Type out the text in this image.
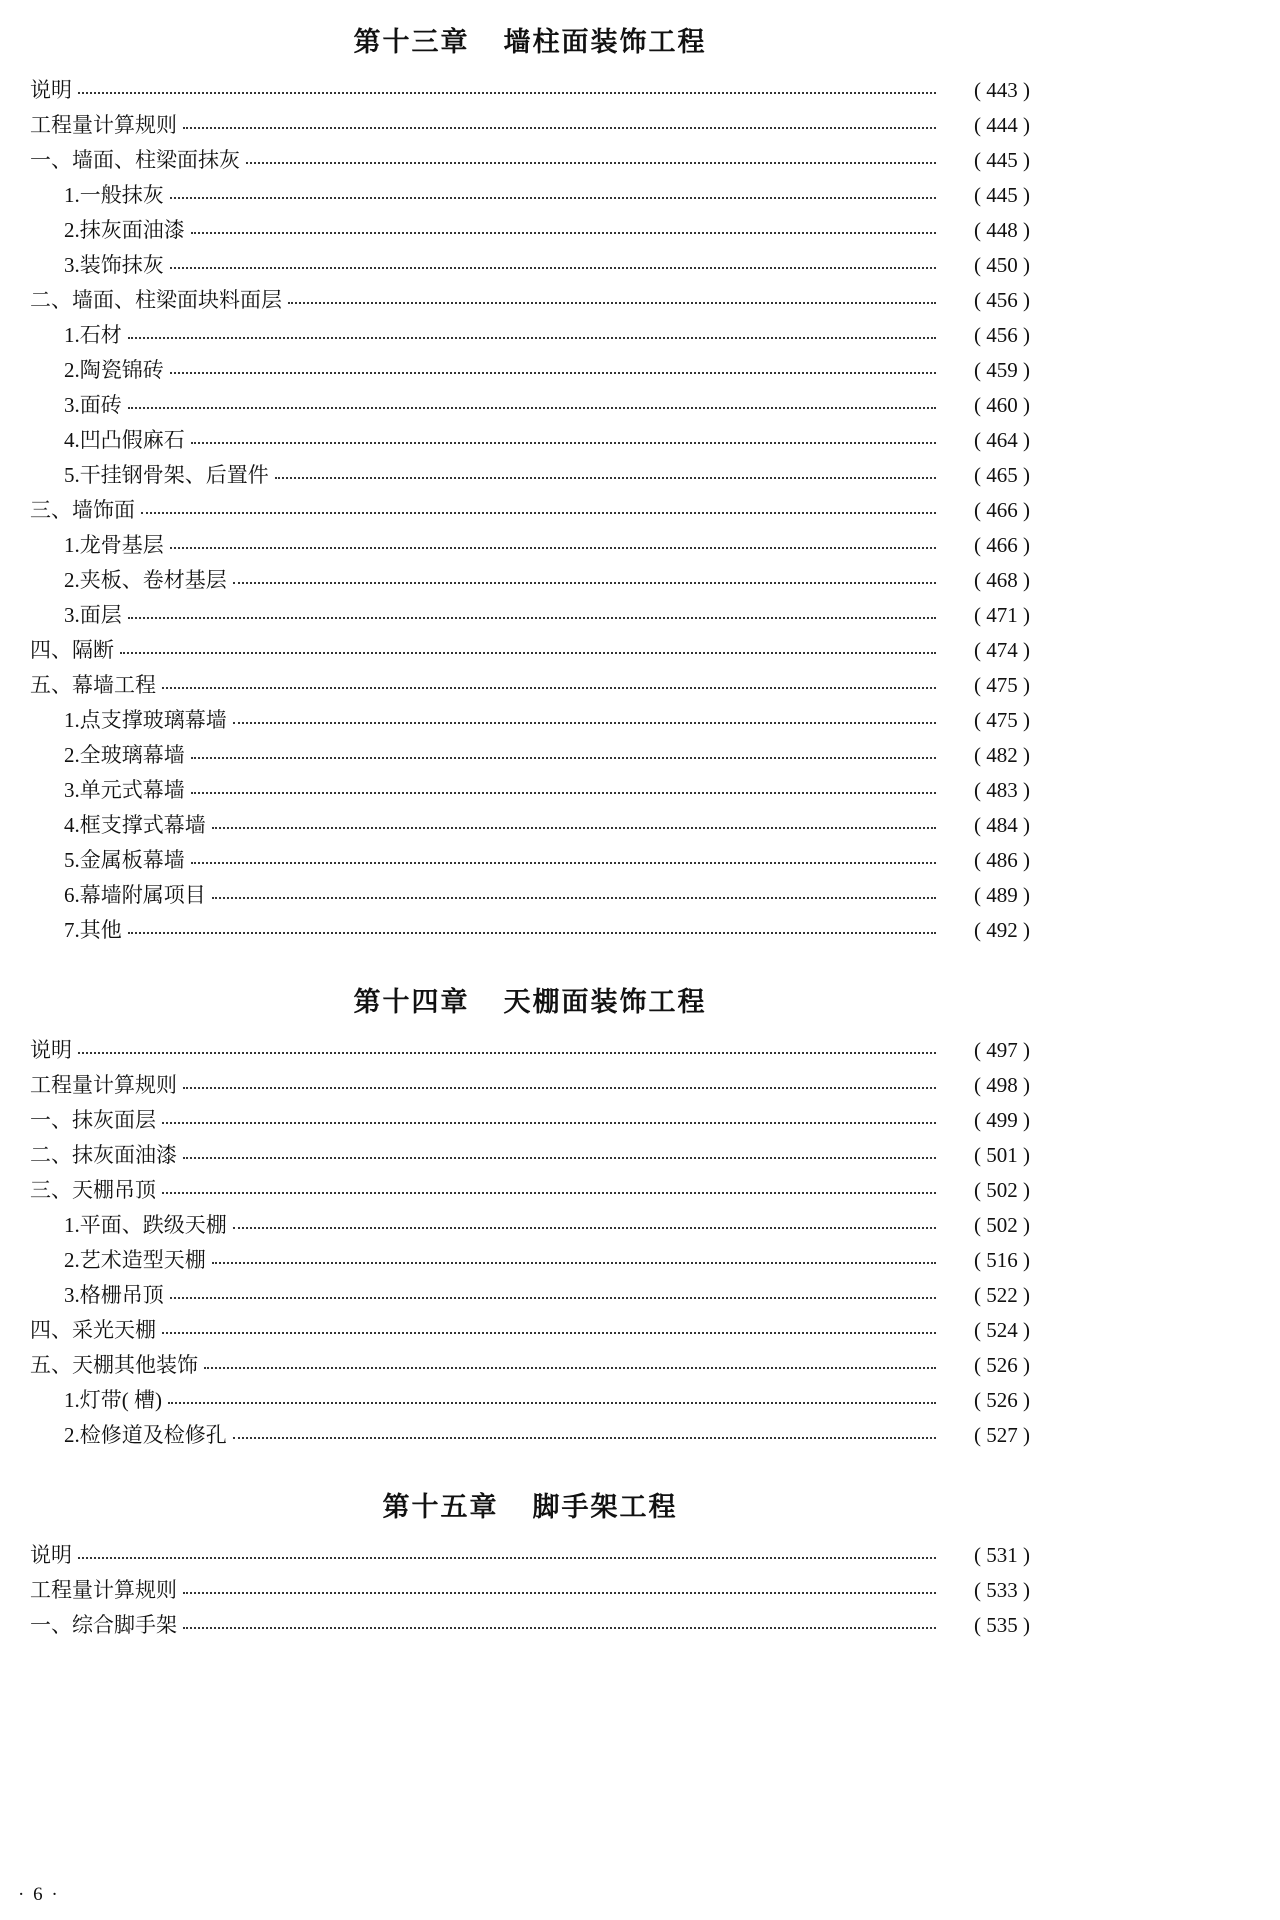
第十三章 墙柱面装饰工程
说明	( 443 )
工程量计算规则	( 444 )
一、墙面、柱梁面抹灰	( 445 )
1.一般抹灰	( 445 )
2.抹灰面油漆	( 448 )
3.装饰抹灰	( 450 )
二、墙面、柱梁面块料面层	( 456 )
1.石材	( 456 )
2.陶瓷锦砖	( 459 )
3.面砖	( 460 )
4.凹凸假麻石	( 464 )
5.干挂钢骨架、后置件	( 465 )
三、墙饰面	( 466 )
1.龙骨基层	( 466 )
2.夹板、卷材基层	( 468 )
3.面层	( 471 )
四、隔断	( 474 )
五、幕墙工程	( 475 )
1.点支撑玻璃幕墙	( 475 )
2.全玻璃幕墙	( 482 )
3.单元式幕墙	( 483 )
4.框支撑式幕墙	( 484 )
5.金属板幕墙	( 486 )
6.幕墙附属项目	( 489 )
7.其他	( 492 )
第十四章 天棚面装饰工程
说明	( 497 )
工程量计算规则	( 498 )
一、抹灰面层	( 499 )
二、抹灰面油漆	( 501 )
三、天棚吊顶	( 502 )
1.平面、跌级天棚	( 502 )
2.艺术造型天棚	( 516 )
3.格栅吊顶	( 522 )
四、采光天棚	( 524 )
五、天棚其他装饰	( 526 )
1.灯带( 槽)	( 526 )
2.检修道及检修孔	( 527 )
第十五章 脚手架工程
说明	( 531 )
工程量计算规则	( 533 )
一、综合脚手架	( 535 )
· 6 ·
